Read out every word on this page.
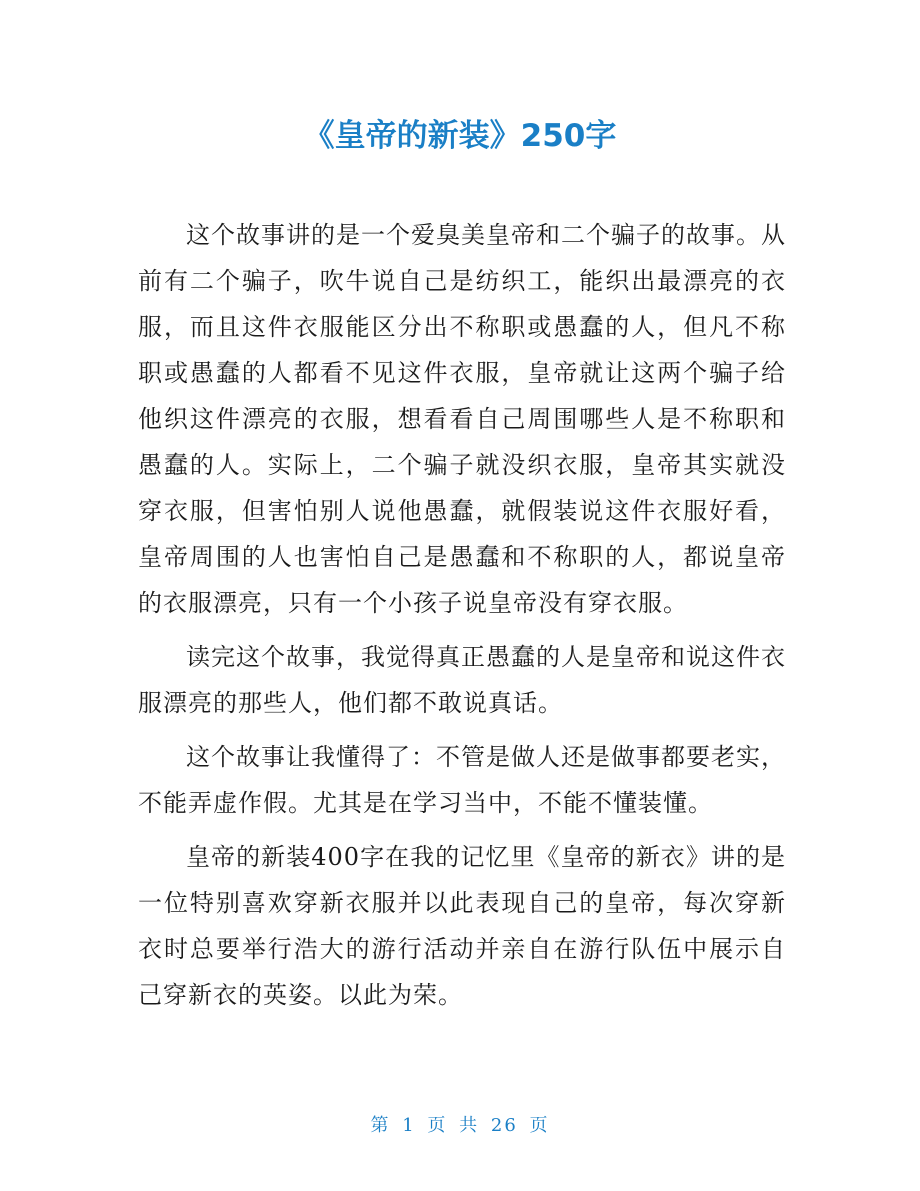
《皇帝的新装》250字

这个故事讲的是一个爱臭美皇帝和二个骗子的故事。从前有二个骗子，吹牛说自己是纺织工，能织出最漂亮的衣服，而且这件衣服能区分出不称职或愚蠢的人，但凡不称职或愚蠢的人都看不见这件衣服，皇帝就让这两个骗子给他织这件漂亮的衣服，想看看自己周围哪些人是不称职和愚蠢的人。实际上，二个骗子就没织衣服，皇帝其实就没穿衣服，但害怕别人说他愚蠢，就假装说这件衣服好看，皇帝周围的人也害怕自己是愚蠢和不称职的人，都说皇帝的衣服漂亮，只有一个小孩子说皇帝没有穿衣服。

读完这个故事，我觉得真正愚蠢的人是皇帝和说这件衣服漂亮的那些人，他们都不敢说真话。

这个故事让我懂得了：不管是做人还是做事都要老实，不能弄虚作假。尤其是在学习当中，不能不懂装懂。

皇帝的新装400字在我的记忆里《皇帝的新衣》讲的是一位特别喜欢穿新衣服并以此表现自己的皇帝，每次穿新衣时总要举行浩大的游行活动并亲自在游行队伍中展示自己穿新衣的英姿。以此为荣。

第 1 页 共 26 页
